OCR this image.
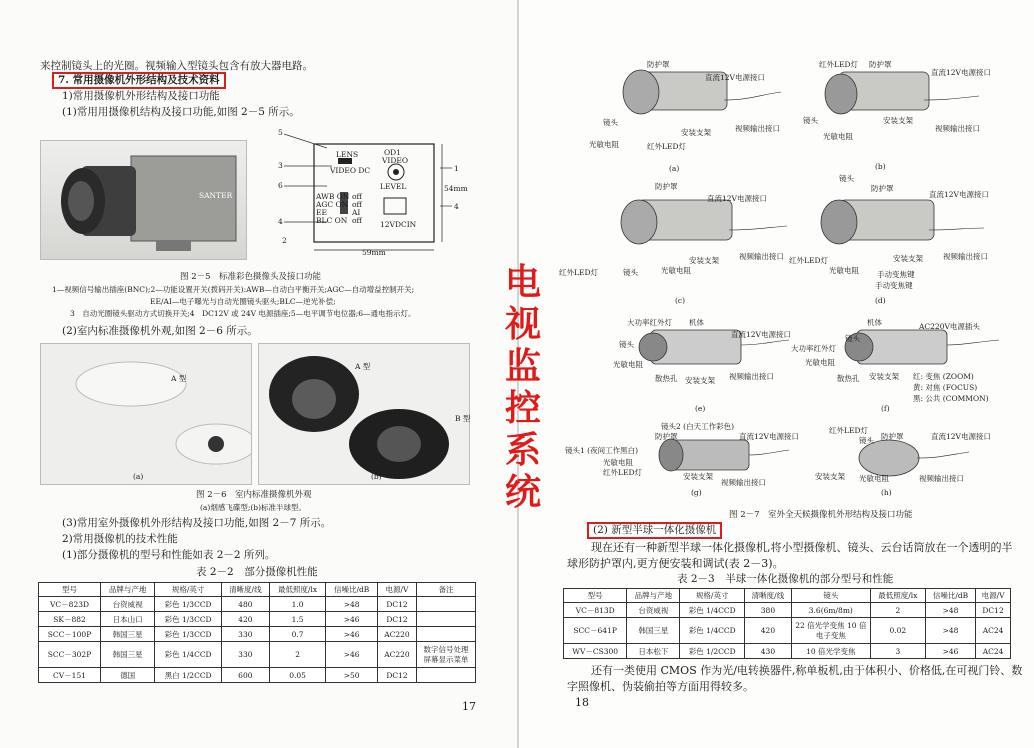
来控制镜头上的光圈。视频输入型镜头包含有放大器电路。
7. 常用摄像机外形结构及技术资料
1)常用摄像机外形结构及接口功能
(1)常用用摄像机结构及接口功能,如图 2－5 所示。
SANTER
LENS
VIDEO DC
OD1
VIDEO
LEVEL
AWB ON
AGC ON
EE
BLC ON
off
off
AI
off 12VDCIN
59mm
54mm
5
3
6
4
2
1
4
图 2－5　标准彩色摄像头及接口功能
1—视频信号输出插座(BNC);2—功能设置开关(拨码开关):AWB—自动白平衡开关;AGC—自动增益控制开关;
EE/AI—电子曝光与自动光圈镜头驱头;BLC—逆光补偿;
3　自动光圈镜头驱动方式切换开关;4　DC12V 或 24V 电源插座;5—电平调节电位器;6—通电指示灯。
(2)室内标准摄像机外观,如图 2－6 所示。
A 型
(a)
A 型
B 型
(b)
图 2－6　室内标准摄像机外观
(a)烟感飞碟型;(b)标准半球型。
(3)常用室外摄像机外形结构及接口功能,如图 2－7 所示。
2)常用摄像机的技术性能
(1)部分摄像机的型号和性能如表 2－2 所列。
表 2－2　部分摄像机性能
型号	品牌与产地	规格/英寸	清晰度/线	最低照度/lx	信噪比/dB	电源/V	备注
VC－823D	台资威视	彩色 1/3CCD	480	1.0	>48	DC12	
SK－882	日本山口	彩色 1/3CCD	420	1.5	>46	DC12	
SCC－100P	韩国三星	彩色 1/3CCD	330	0.7	>46	AC220	
SCC－302P	韩国三星	彩色 1/4CCD	330	2	>46	AC220	数字信号处理 屏幕显示菜单
CV－151	德国	黑白 1/2CCD	600	0.05	>50	DC12	
17
防护罩
镜头
直流12V电源接口
安装支架	视频输出接口
光敏电阻	红外LED灯
(a)
红外LED灯 防护罩
直流12V电源接口
镜头	安装支架
光敏电阻
视频输出接口
(b)
防护罩
直流12V电源接口
镜头
红外LED灯	光敏电阻
安装支架	视频输出接口
(c)
镜头
防护罩
直流12V电源接口
红外LED灯
光敏电阻
安装支架	视频输出接口
手动变焦键
手动变焦键
(d)
大功率红外灯 机体
直流12V电源接口
镜头
光敏电阻
散热孔 安装支架 视频输出接口
(e)
机体	AC220V电源插头
镜头
大功率红外灯
光敏电阻
散热孔 安装支架 红: 变焦 (ZOOM)
黄: 对焦 (FOCUS)
黑: 公共 (COMMON)
(f)
镜头2 (白天工作彩色)
防护罩	直流12V电源接口
镜头1 (夜间工作黑白)
光敏电阻
红外LED灯	安装支架
视频输出接口
(g)
红外LED灯
镜头 防护罩	直流12V电源接口
安装支架 光敏电阻	视频输出接口
(h)
图 2－7　室外全天候摄像机外形结构及接口功能
(2) 新型半球一体化摄像机
现在还有一种新型半球一体化摄像机,将小型摄像机、镜头、云台话筒放在一个透明的半
球形防护罩内,更方便安装和调试(表 2－3)。
表 2－3　半球一体化摄像机的部分型号和性能
型号	品牌与产地	规格/英寸	清晰度/线	镜头	最低照度/lx	信噪比/dB	电源/V
VC－813D	台资威视	彩色 1/4CCD	380	3.6(6m/8m)	2	>48	DC12
SCC－641P	韩国三星	彩色 1/4CCD	420	22 倍光学变焦 10 倍电子变焦	0.02	>48	AC24
WV－CS300	日本松下	彩色 1/2CCD	430	10 倍光学变焦	3	>46	AC24
还有一类使用 CMOS 作为光/电转换器件,称单板机,由于体积小、价格低,在可视门铃、数
字照像机、伪装偷拍等方面用得较多。
18
电
视
监
控
系
统
